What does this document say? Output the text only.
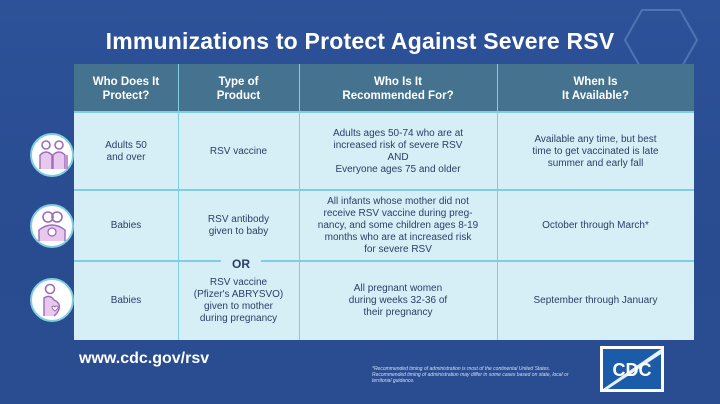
Immunizations to Protect Against Severe RSV
Who Does It
Protect?
Type of
Product
Who Is It
Recommended For?
When Is
It Available?
Adults 50
and over
RSV vaccine
Adults ages 50-74 who are at
increased risk of severe RSV
AND
Everyone ages 75 and older
Available any time, but best
time to get vaccinated is late
summer and early fall
Babies
RSV antibody
given to baby
All infants whose mother did not
receive RSV vaccine during preg-
nancy, and some children ages 8-19
months who are at increased risk
for severe RSV
October through March*
Babies
RSV vaccine
(Pfizer's ABRYSVO)
given to mother
during pregnancy
All pregnant women
during weeks 32-36 of
their pregnancy
September through January
OR
www.cdc.gov/rsv
*Recommended timing of administration is most of the continental United States. Recommended timing of administration may differ in some cases based on state, local or territorial guidance.
CDC
